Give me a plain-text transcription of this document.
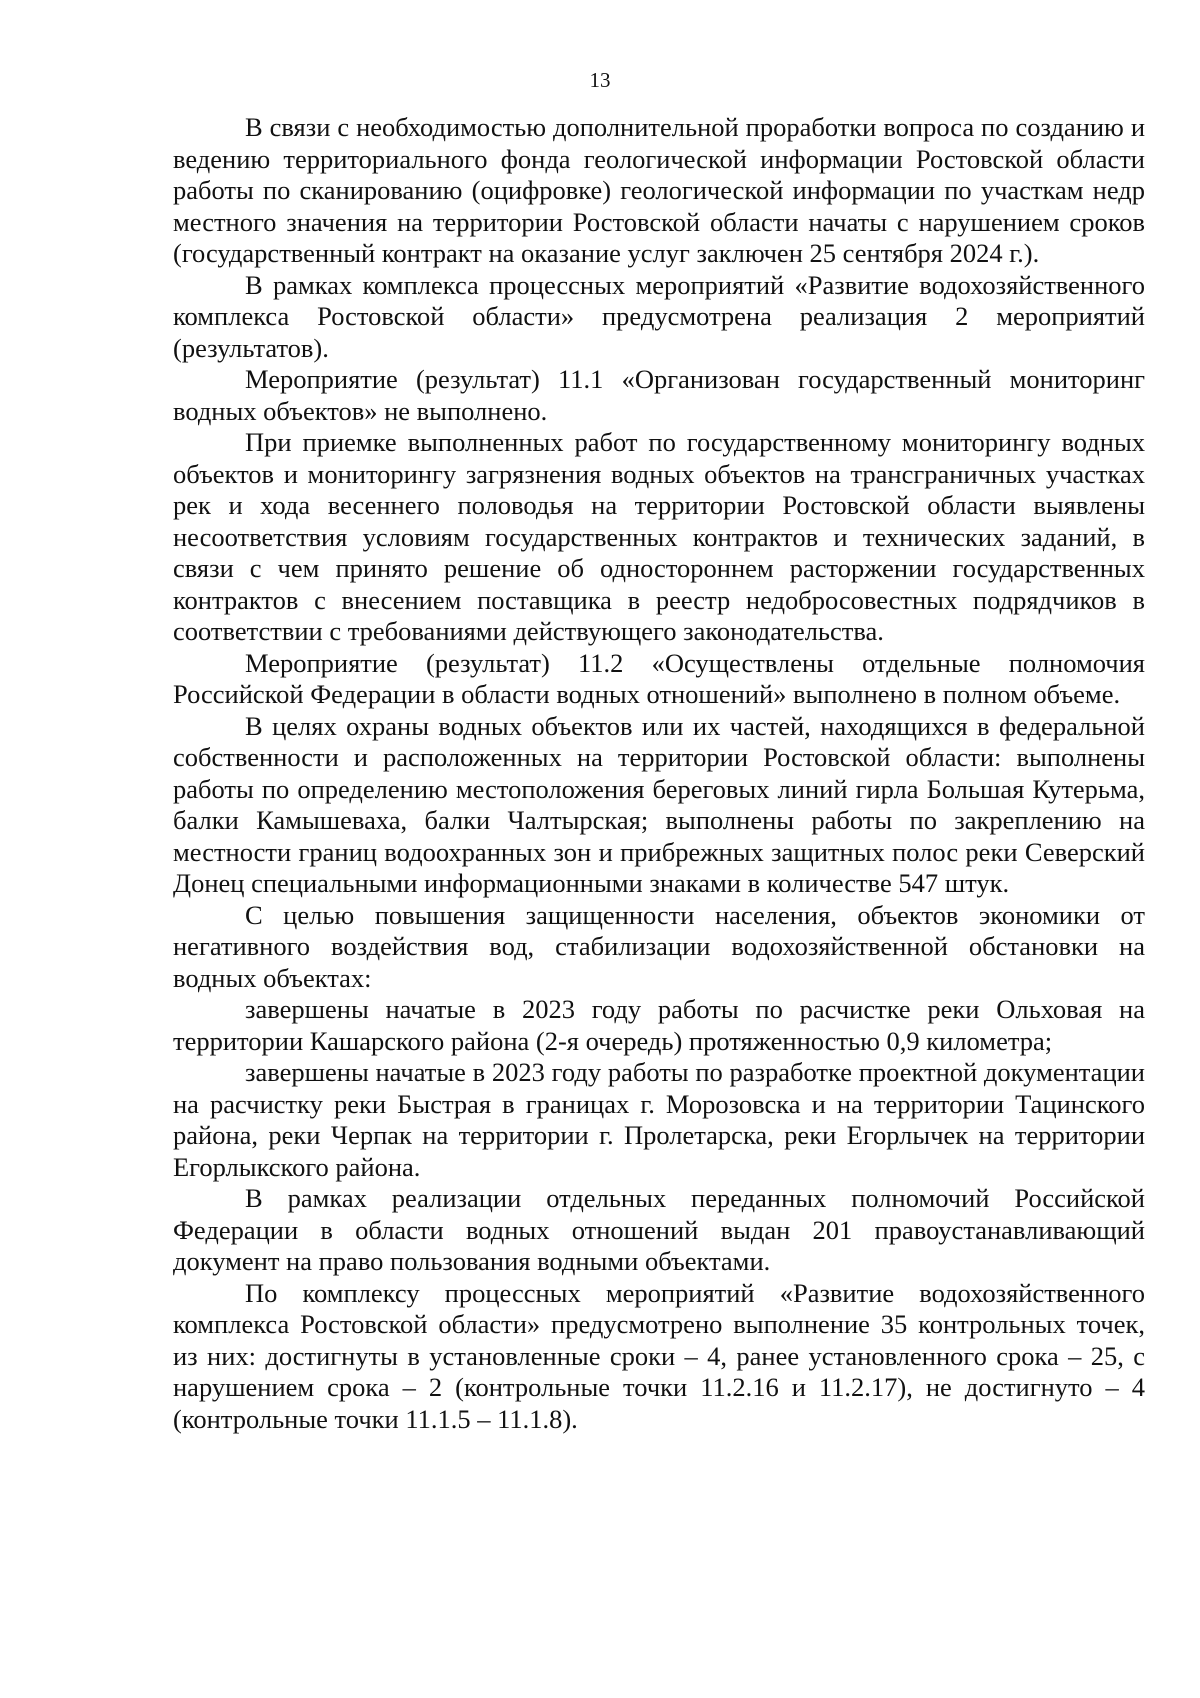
13

В связи с необходимостью дополнительной проработки вопроса по созданию и ведению территориального фонда геологической информации Ростовской области работы по сканированию (оцифровке) геологической информации по участкам недр местного значения на территории Ростовской области начаты с нарушением сроков (государственный контракт на оказание услуг заключен 25 сентября 2024 г.).

В рамках комплекса процессных мероприятий «Развитие водохозяйственного комплекса Ростовской области» предусмотрена реализация 2 мероприятий (результатов).

Мероприятие (результат) 11.1 «Организован государственный мониторинг водных объектов» не выполнено.

При приемке выполненных работ по государственному мониторингу водных объектов и мониторингу загрязнения водных объектов на трансграничных участках рек и хода весеннего половодья на территории Ростовской области выявлены несоответствия условиям государственных контрактов и технических заданий, в связи с чем принято решение об одностороннем расторжении государственных контрактов с внесением поставщика в реестр недобросовестных подрядчиков в соответствии с требованиями действующего законодательства.

Мероприятие (результат) 11.2 «Осуществлены отдельные полномочия Российской Федерации в области водных отношений» выполнено в полном объеме.

В целях охраны водных объектов или их частей, находящихся в федеральной собственности и расположенных на территории Ростовской области: выполнены работы по определению местоположения береговых линий гирла Большая Кутерьма, балки Камышеваха, балки Чалтырская; выполнены работы по закреплению на местности границ водоохранных зон и прибрежных защитных полос реки Северский Донец специальными информационными знаками в количестве 547 штук.

С целью повышения защищенности населения, объектов экономики от негативного воздействия вод, стабилизации водохозяйственной обстановки на водных объектах:

завершены начатые в 2023 году работы по расчистке реки Ольховая на территории Кашарского района (2-я очередь) протяженностью 0,9 километра;

завершены начатые в 2023 году работы по разработке проектной документации на расчистку реки Быстрая в границах г. Морозовска и на территории Тацинского района, реки Черпак на территории г. Пролетарска, реки Егорлычек на территории Егорлыкского района.

В рамках реализации отдельных переданных полномочий Российской Федерации в области водных отношений выдан 201 правоустанавливающий документ на право пользования водными объектами.

По комплексу процессных мероприятий «Развитие водохозяйственного комплекса Ростовской области» предусмотрено выполнение 35 контрольных точек, из них: достигнуты в установленные сроки – 4, ранее установленного срока – 25, с нарушением срока – 2 (контрольные точки 11.2.16 и 11.2.17), не достигнуто – 4 (контрольные точки 11.1.5 – 11.1.8).
